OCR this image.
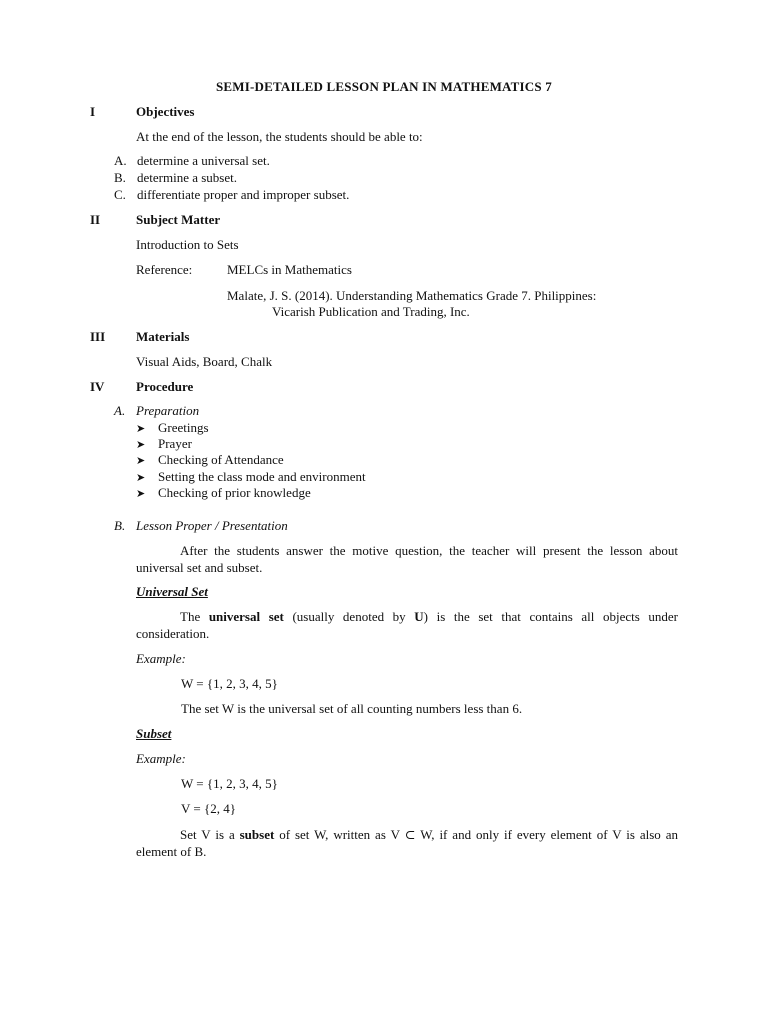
SEMI-DETAILED LESSON PLAN IN MATHEMATICS 7
I	Objectives
At the end of the lesson, the students should be able to:
A. determine a universal set.
B. determine a subset.
C. differentiate proper and improper subset.
II	Subject Matter
Introduction to Sets
Reference:	MELCs in Mathematics
Malate, J. S. (2014). Understanding Mathematics Grade 7. Philippines:
Vicarish Publication and Trading, Inc.
III Materials
Visual Aids, Board, Chalk
IV Procedure
A. Preparation
➤ Greetings
➤ Prayer
➤ Checking of Attendance
➤ Setting the class mode and environment
➤ Checking of prior knowledge
B. Lesson Proper / Presentation
After the students answer the motive question, the teacher will present the lesson about universal set and subset.
Universal Set
The universal set (usually denoted by U) is the set that contains all objects under consideration.
Example:
W = {1, 2, 3, 4, 5}
The set W is the universal set of all counting numbers less than 6.
Subset
Example:
W = {1, 2, 3, 4, 5}
V = {2, 4}
Set V is a subset of set W, written as V ⊂ W, if and only if every element of V is also an element of B.
